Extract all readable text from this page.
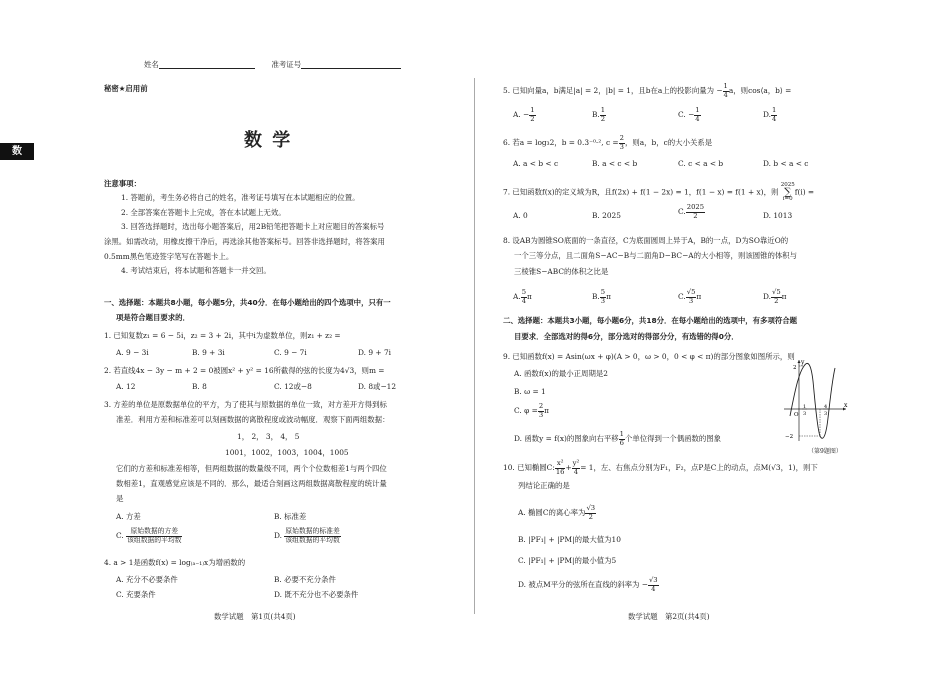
数
姓名	准考证号
秘密★启用前
数 学
注意事项：
1. 答题前，考生务必将自己的姓名，准考证号填写在本试题相应的位置。
2. 全部答案在答题卡上完成，答在本试题上无效。
3. 回答选择题时，选出每小题答案后，用2B铅笔把答题卡上对应题目的答案标号
涂黑。如需改动，用橡皮擦干净后，再选涂其他答案标号。回答非选择题时，将答案用
0.5mm黑色笔迹签字笔写在答题卡上。
4. 考试结束后，将本试题和答题卡一并交回。
一、选择题：本题共8小题，每小题5分，共40分．在每小题给出的四个选项中，只有一
项是符合题目要求的．
1. 已知复数z₁ = 6 − 5i，z₂ = 3 + 2i，其中i为虚数单位，则z₁ + z₂ =
A. 9 − 3i	B. 9 + 3i	C. 9 − 7i	D. 9 + 7i
2. 若直线4x − 3y − m + 2 = 0被圆x² + y² = 16所截得的弦的长度为4√3，则m =
A. 12	B. 8	C. 12或−8	D. 8或−12
3. 方差的单位是原数据单位的平方，为了使其与原数据的单位一致，对方差开方得到标
准差．利用方差和标准差可以刻画数据的离散程度或波动幅度．观察下面两组数据：
1， 2， 3， 4， 5
1001，1002，1003，1004，1005
它们的方差和标准差相等，但两组数据的数量级不同，两个个位数相差1与两个四位
数相差1，直观感觉应该是不同的．那么，最适合刻画这两组数据离散程度的统计量
是
A. 方差	B. 标准差
C. $\frac{\text{原始数据的方差}}{\text{该组数据的平均数}}$	D. $\frac{\text{原始数据的标准差}}{\text{该组数据的平均数}}$
4. a > 1是函数f(x) = log₍ₐ₋₁₎x为增函数的
A. 充分不必要条件	B. 必要不充分条件
C. 充要条件	D. 既不充分也不必要条件
数学试题　第1页(共4页)
5. 已知向量a，b满足|a| = 2，|b| = 1，且b在a上的投影向量为 − $\frac{1}{4}$ a，则cos⟨a，b⟩ =
A. − $\frac{1}{2}$	B. $\frac{1}{2}$	C. − $\frac{1}{4}$	D. $\frac{1}{4}$
6. 若a = log₃2，b = 0.3⁻⁰·², $c = \frac{2}{3}$ ，则a，b，c的大小关系是
A. a < b < c	B. a < c < b	C. c < a < b	D. b < a < c
7. 已知函数f(x)的定义域为R，且f(2x) + f(1 − 2x) = 1，f(1 − x) = f(1 + x)，则
2025
∑
i=0
f(i) =
A. 0	B. 2025	C. $\frac{2025}{2}$	D. 1013
8. 设AB为圆锥SO底面的一条直径，C为底面圆周上异于A，B的一点，D为SO靠近O的
一个三等分点，且二面角S−AC−B与二面角D−BC−A的大小相等，则该圆锥的体积与
三棱锥S−ABC的体积之比是
A. $\frac{5}{4}$ π	B. $\frac{5}{3}$ π	C. $\frac{√5}{3}$ π	D. $\frac{√5}{2}$ π
二、选择题：本题共3小题，每小题6分，共18分．在每小题给出的选项中，有多项符合题
目要求．全部选对的得6分，部分选对的得部分分，有选错的得0分．
9. 已知函数f(x) = Asin(ωx + φ)(A > 0，ω > 0，0 < φ < π)的部分图象如图所示，则
A. 函数f(x)的最小正周期是2
B. ω = 1
C. $\varphi = \frac{2}{3}$ π
D. 函数y = f(x)的图象向右平移 $\frac{1}{6}$ 个单位得到一个偶函数的图象
y
x
2
−2
O
1
3
4
3
（第9题图）
10. 已知椭圆C: $\frac{\text{x²}}{16} + \frac{\text{y²}}{4} = 1$，左、右焦点分别为F₁，F₂，点P是C上的动点，点M(√3，1)，则下
列结论正确的是
A. 椭圆C的离心率为 $\frac{√3}{2}$
B. |PF₁| + |PM|的最大值为10
C. |PF₁| + |PM|的最小值为5
D. 被点M平分的弦所在直线的斜率为 − $\frac{√3}{4}$
数学试题　第2页(共4页)
